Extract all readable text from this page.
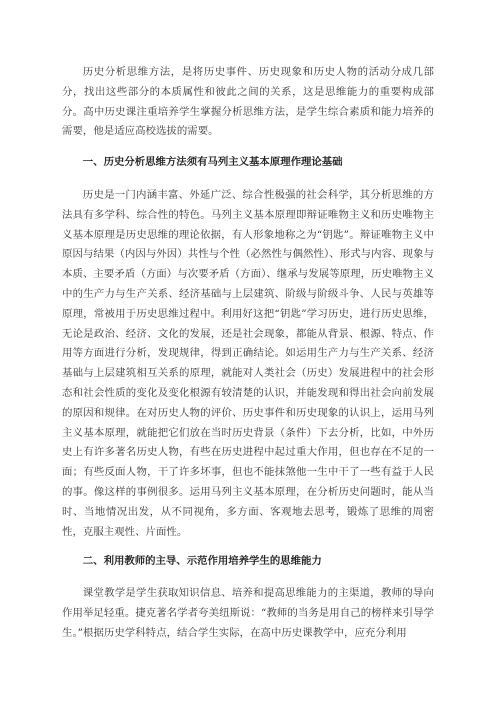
历史分析思维方法，是将历史事件、历史现象和历史人物的活动分成几部分，找出这些部分的本质属性和彼此之间的关系，这是思维能力的重要构成部分。高中历史课注重培养学生掌握分析思维方法，是学生综合素质和能力培养的需要，他是适应高校选拔的需要。

一、历史分析思维方法须有马列主义基本原理作理论基础

历史是一门内涵丰富、外延广泛、综合性极强的社会科学，其分析思维的方法具有多学科、综合性的特色。马列主义基本原理即辩证唯物主义和历史唯物主义基本原理是历史思维的理论依据，有人形象地称之为“钥匙”。辩证唯物主义中原因与结果（内因与外因）共性与个性（必然性与偶然性）、形式与内容、现象与本质、主要矛盾（方面）与次要矛盾（方面）、继承与发展等原理，历史唯物主义中的生产力与生产关系、经济基础与上层建筑、阶级与阶级斗争、人民与英雄等原理，常被用于历史思维过程中。利用好这把“钥匙”学习历史，进行历史思维，无论是政治、经济、文化的发展，还是社会现象，都能从背景、根源、特点、作用等方面进行分析，发现规律，得到正确结论。如运用生产力与生产关系、经济基础与上层建筑相互关系的原理，就能对人类社会（历史）发展进程中的社会形态和社会性质的变化及变化根源有较清楚的认识，并能发现和得出社会向前发展的原因和规律。在对历史人物的评价、历史事件和历史现象的认识上，运用马列主义基本原理，就能把它们放在当时历史背景（条件）下去分析，比如，中外历史上有许多著名历史人物，有些在历史进程中起过重大作用，但也存在不足的一面；有些反面人物，干了许多坏事，但也不能抹煞他一生中干了一些有益于人民的事。像这样的事例很多。运用马列主义基本原理，在分析历史问题时，能从当时、当地情况出发，从不同视角，多方面、客观地去思考，锻炼了思维的周密性，克服主观性、片面性。

二、利用教师的主导、示范作用培养学生的思维能力

课堂教学是学生获取知识信息、培养和提高思维能力的主渠道，教师的导向作用举足轻重。捷克著名学者夸美纽斯说：“教师的当务是用自己的榜样来引导学生。”根据历史学科特点，结合学生实际，在高中历史课教学中，应充分利用
